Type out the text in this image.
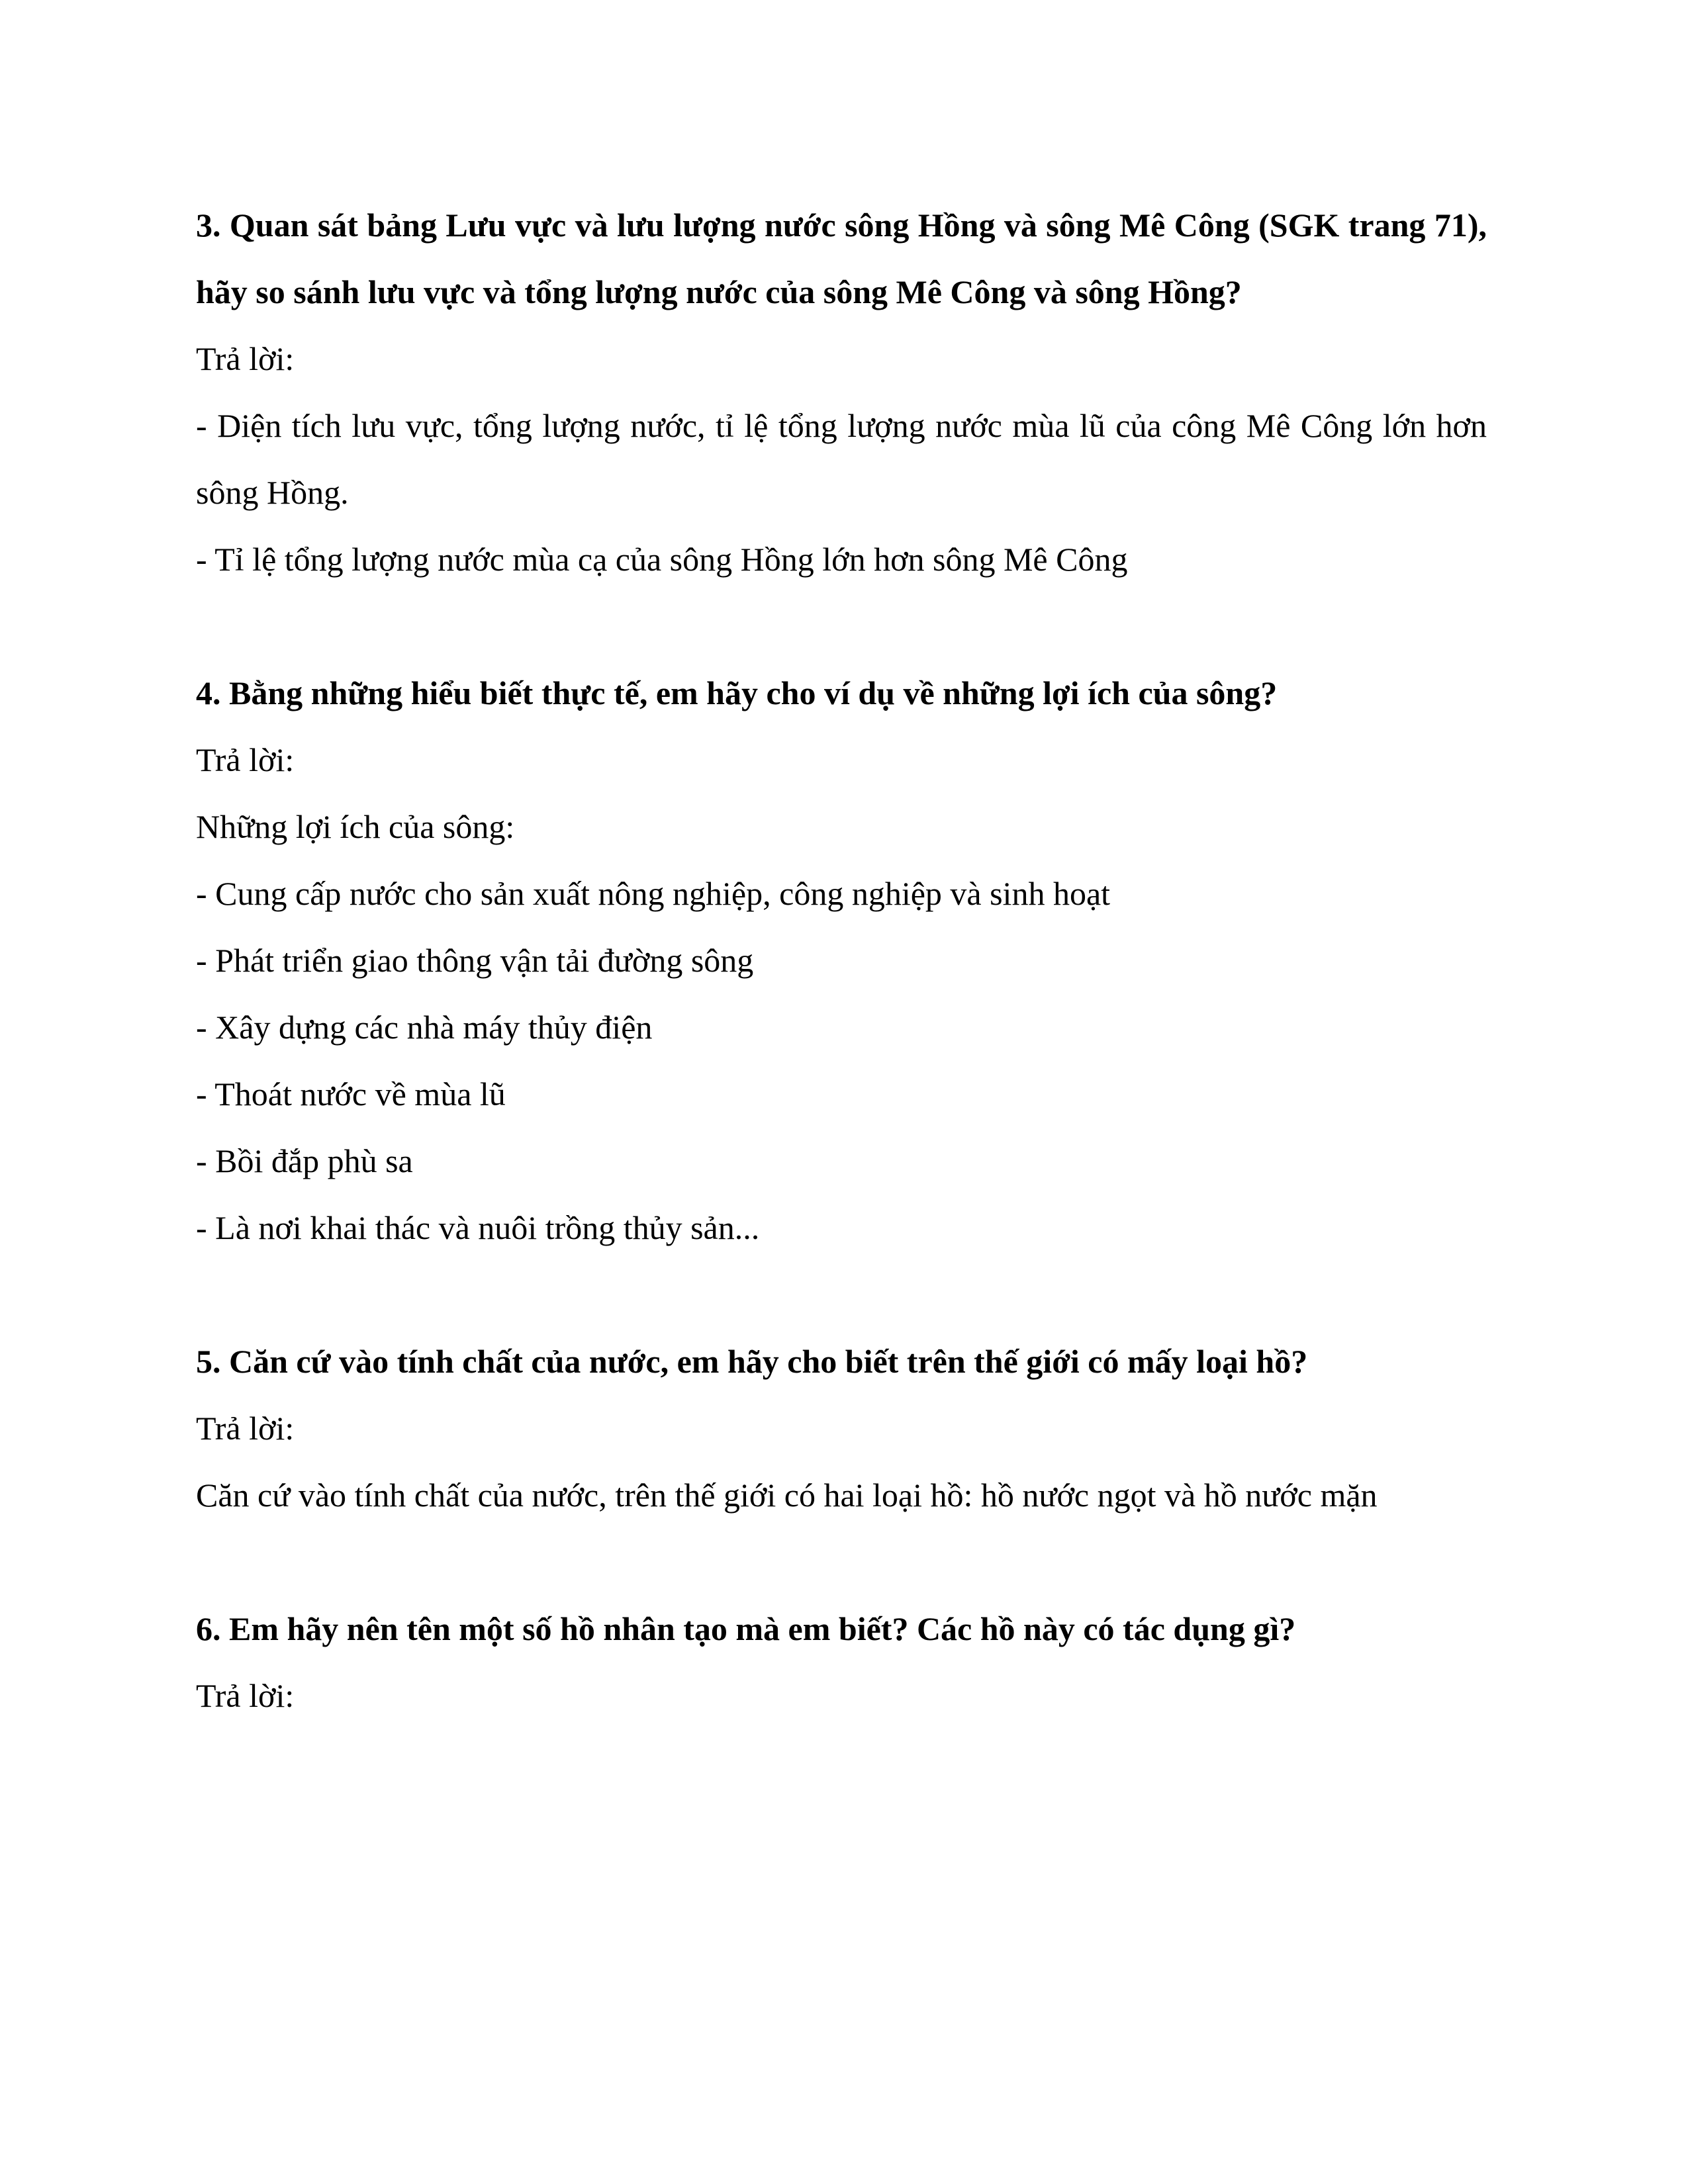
3. Quan sát bảng Lưu vực và lưu lượng nước sông Hồng và sông Mê Công (SGK trang 71), hãy so sánh lưu vực và tổng lượng nước của sông Mê Công và sông Hồng?

Trả lời:

- Diện tích lưu vực, tổng lượng nước, tỉ lệ tổng lượng nước mùa lũ của công Mê Công lớn hơn sông Hồng.

- Tỉ lệ tổng lượng nước mùa cạ của sông Hồng lớn hơn sông Mê Công

4. Bằng những hiểu biết thực tế, em hãy cho ví dụ về những lợi ích của sông?

Trả lời:

Những lợi ích của sông:

- Cung cấp nước cho sản xuất nông nghiệp, công nghiệp và sinh hoạt

- Phát triển giao thông vận tải đường sông

- Xây dựng các nhà máy thủy điện

- Thoát nước về mùa lũ

- Bồi đắp phù sa

- Là nơi khai thác và nuôi trồng thủy sản...

5. Căn cứ vào tính chất của nước, em hãy cho biết trên thế giới có mấy loại hồ?

Trả lời:

Căn cứ vào tính chất của nước, trên thế giới có hai loại hồ: hồ nước ngọt và hồ nước mặn

6. Em hãy nên tên một số hồ nhân tạo mà em biết? Các hồ này có tác dụng gì?

Trả lời:
